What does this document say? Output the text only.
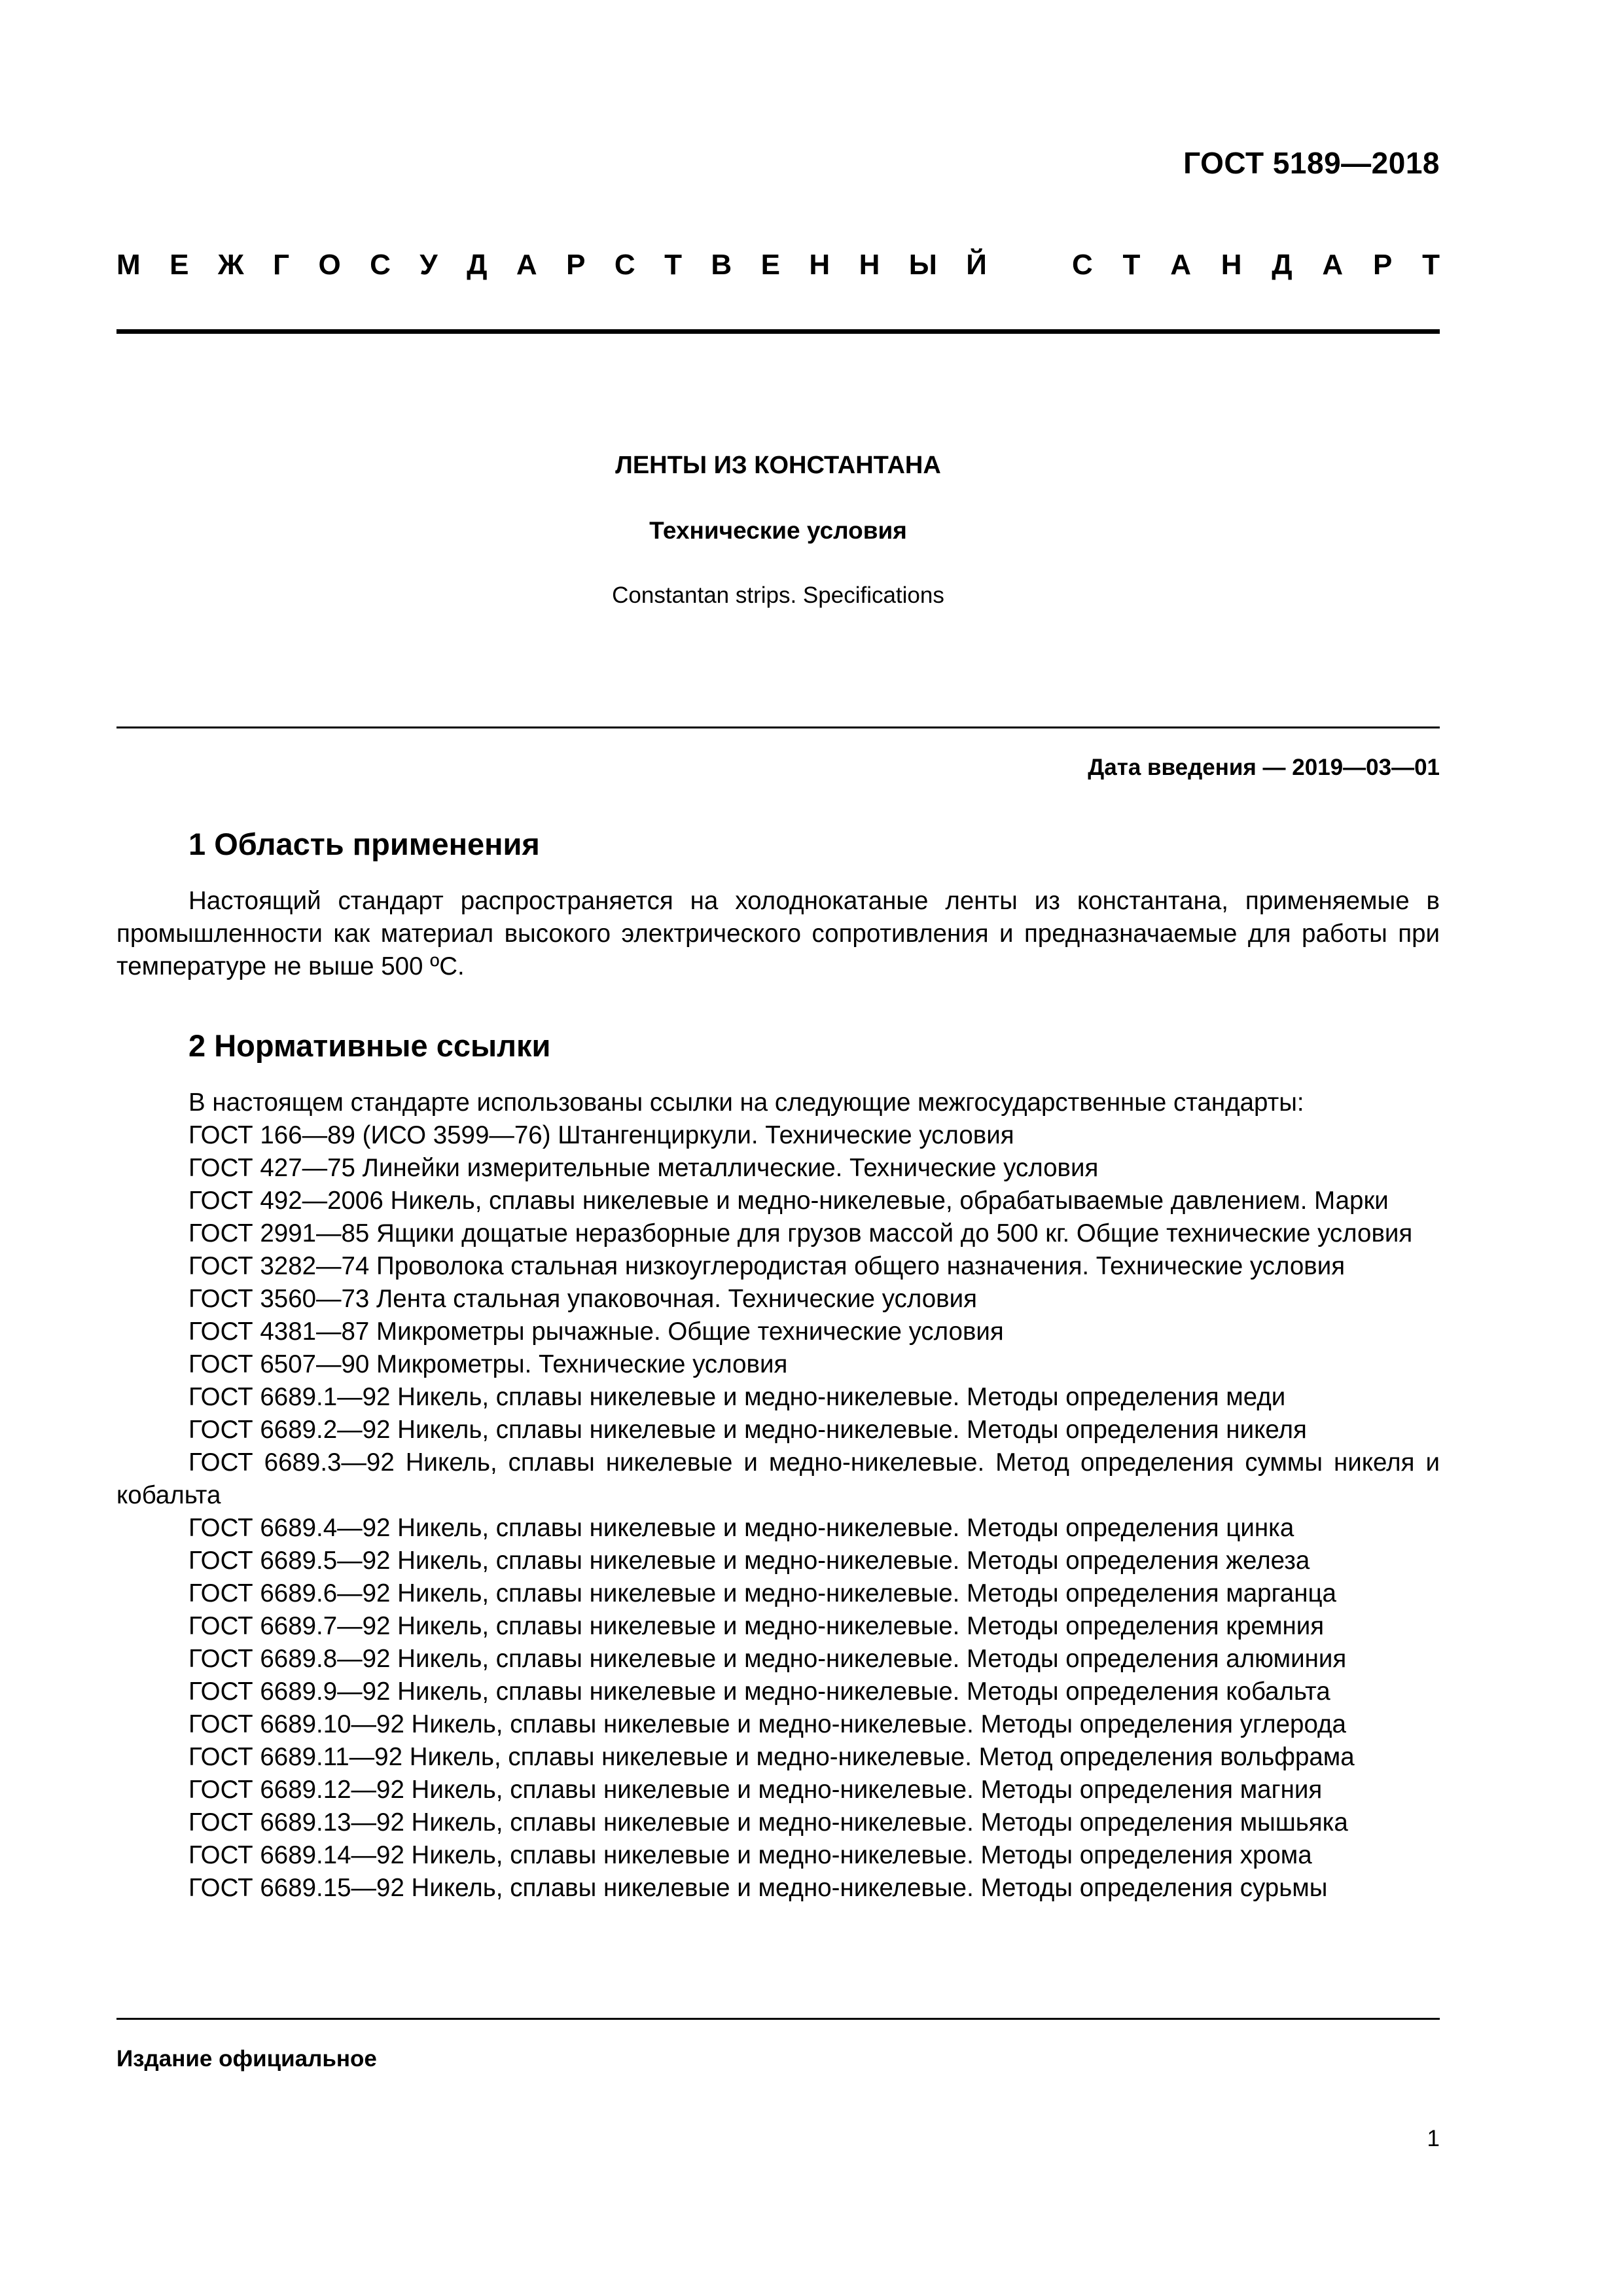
ГОСТ 5189—2018
М Е Ж Г О С У Д А Р С Т В Е Н Н Ы Й	С Т А Н Д А Р Т
ЛЕНТЫ ИЗ КОНСТАНТАНА
Технические условия
Constantan strips. Specifications
Дата введения — 2019—03—01
1 Область применения
Настоящий стандарт распространяется на холоднокатаные ленты из константана, применяемые в промышленности как материал высокого электрического сопротивления и предназначаемые для работы при температуре не выше 500 ºС.
2 Нормативные ссылки
В настоящем стандарте использованы ссылки на следующие межгосударственные стандарты:
ГОСТ 166—89 (ИСО 3599—76) Штангенциркули. Технические условия
ГОСТ 427—75 Линейки измерительные металлические. Технические условия
ГОСТ 492—2006 Никель, сплавы никелевые и медно-никелевые, обрабатываемые давлением. Марки
ГОСТ 2991—85 Ящики дощатые неразборные для грузов массой до 500 кг. Общие технические условия
ГОСТ 3282—74 Проволока стальная низкоуглеродистая общего назначения. Технические условия
ГОСТ 3560—73 Лента стальная упаковочная. Технические условия
ГОСТ 4381—87 Микрометры рычажные. Общие технические условия
ГОСТ 6507—90 Микрометры. Технические условия
ГОСТ 6689.1—92 Никель, сплавы никелевые и медно-никелевые. Методы определения меди
ГОСТ 6689.2—92 Никель, сплавы никелевые и медно-никелевые. Методы определения никеля
ГОСТ 6689.3—92 Никель, сплавы никелевые и медно-никелевые. Метод определения суммы никеля и кобальта
ГОСТ 6689.4—92 Никель, сплавы никелевые и медно-никелевые. Методы определения цинка
ГОСТ 6689.5—92 Никель, сплавы никелевые и медно-никелевые. Методы определения железа
ГОСТ 6689.6—92 Никель, сплавы никелевые и медно-никелевые. Методы определения марганца
ГОСТ 6689.7—92 Никель, сплавы никелевые и медно-никелевые. Методы определения кремния
ГОСТ 6689.8—92 Никель, сплавы никелевые и медно-никелевые. Методы определения алюминия
ГОСТ 6689.9—92 Никель, сплавы никелевые и медно-никелевые. Методы определения кобальта
ГОСТ 6689.10—92 Никель, сплавы никелевые и медно-никелевые. Методы определения углерода
ГОСТ 6689.11—92 Никель, сплавы никелевые и медно-никелевые. Метод определения вольфрама
ГОСТ 6689.12—92 Никель, сплавы никелевые и медно-никелевые. Методы определения магния
ГОСТ 6689.13—92 Никель, сплавы никелевые и медно-никелевые. Методы определения мышьяка
ГОСТ 6689.14—92 Никель, сплавы никелевые и медно-никелевые. Методы определения хрома
ГОСТ 6689.15—92 Никель, сплавы никелевые и медно-никелевые. Методы определения сурьмы
Издание официальное
1
